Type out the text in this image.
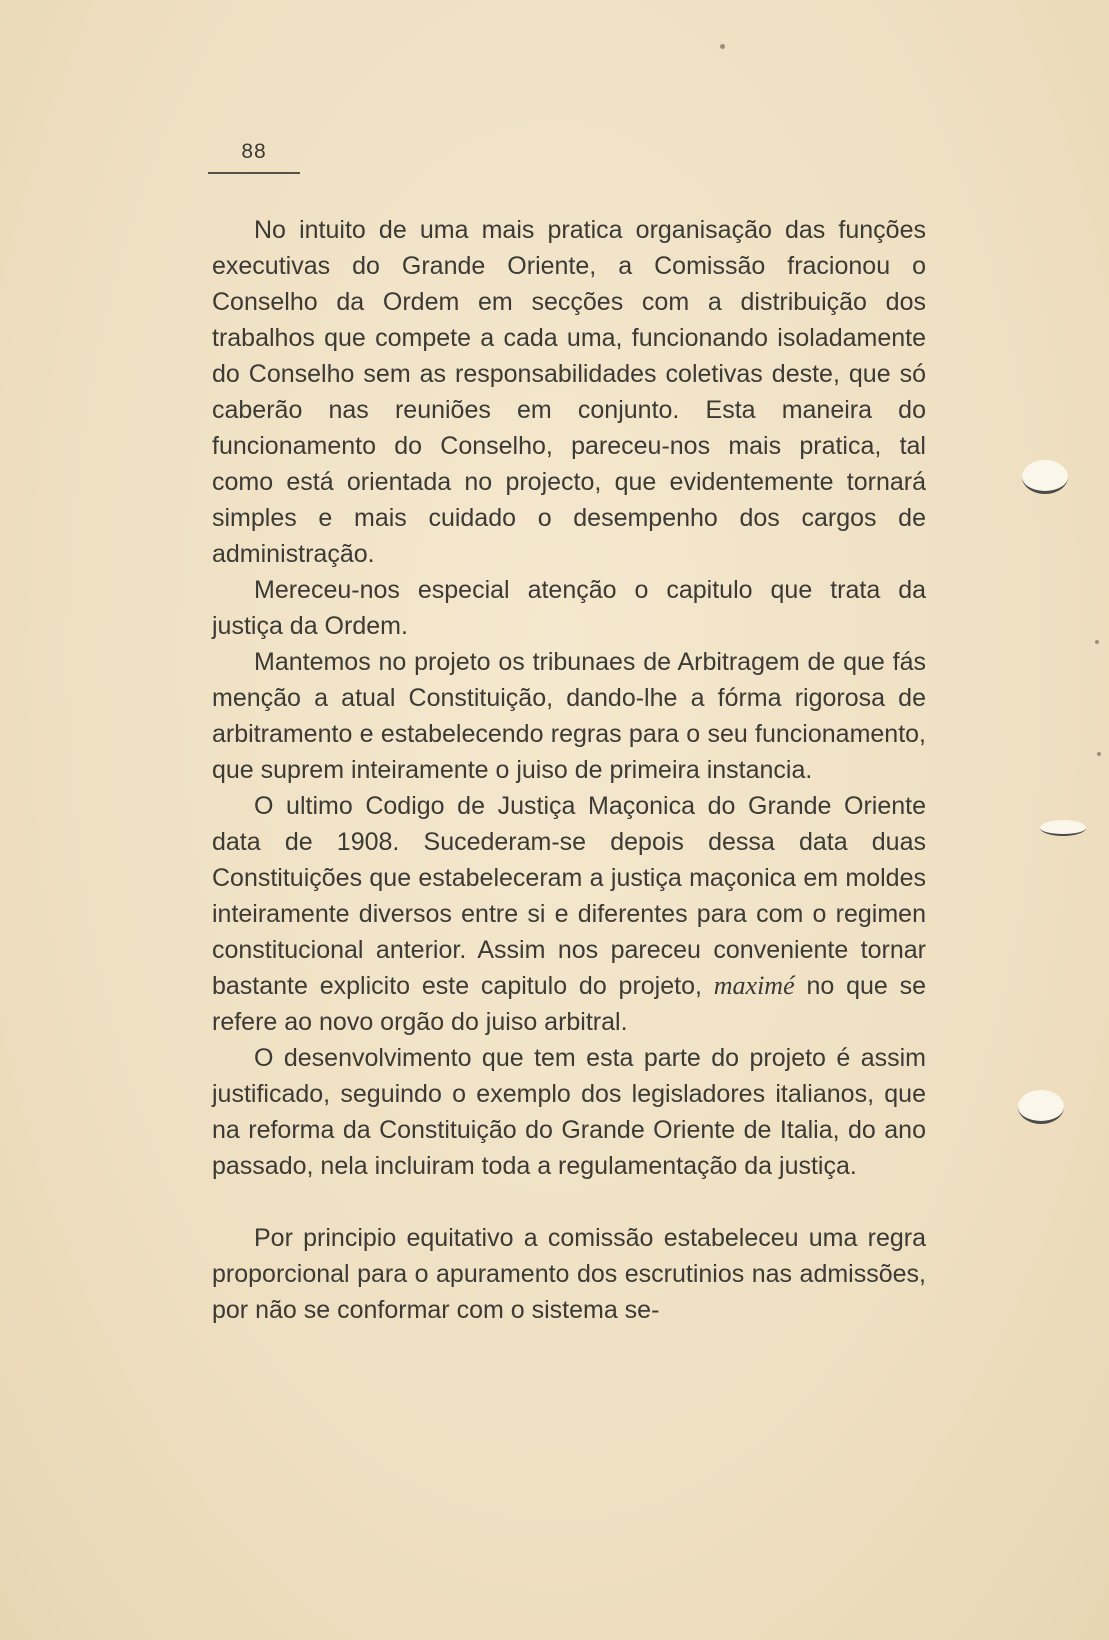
88

No intuito de uma mais pratica organisação das funções executivas do Grande Oriente, a Comissão fracionou o Conselho da Ordem em secções com a distribuição dos trabalhos que compete a cada uma, funcionando isoladamente do Conselho sem as responsabilidades coletivas deste, que só caberão nas reuniões em conjunto. Esta maneira do funcionamento do Conselho, pareceu-nos mais pratica, tal como está orientada no projecto, que evidentemente tornará simples e mais cuidado o desempenho dos cargos de administração.

Mereceu-nos especial atenção o capitulo que trata da justiça da Ordem.

Mantemos no projeto os tribunaes de Arbitragem de que fás menção a atual Constituição, dando-lhe a fórma rigorosa de arbitramento e estabelecendo regras para o seu funcionamento, que suprem inteiramente o juiso de primeira instancia.

O ultimo Codigo de Justiça Maçonica do Grande Oriente data de 1908. Sucederam-se depois dessa data duas Constituições que estabeleceram a justiça maçonica em moldes inteiramente diversos entre si e diferentes para com o regimen constitucional anterior. Assim nos pareceu conveniente tornar bastante explicito este capitulo do projeto, maximé no que se refere ao novo orgão do juiso arbitral.

O desenvolvimento que tem esta parte do projeto é assim justificado, seguindo o exemplo dos legisladores italianos, que na reforma da Constituição do Grande Oriente de Italia, do ano passado, nela incluiram toda a regulamentação da justiça.

Por principio equitativo a comissão estabeleceu uma regra proporcional para o apuramento dos escrutinios nas admissões, por não se conformar com o sistema se-
